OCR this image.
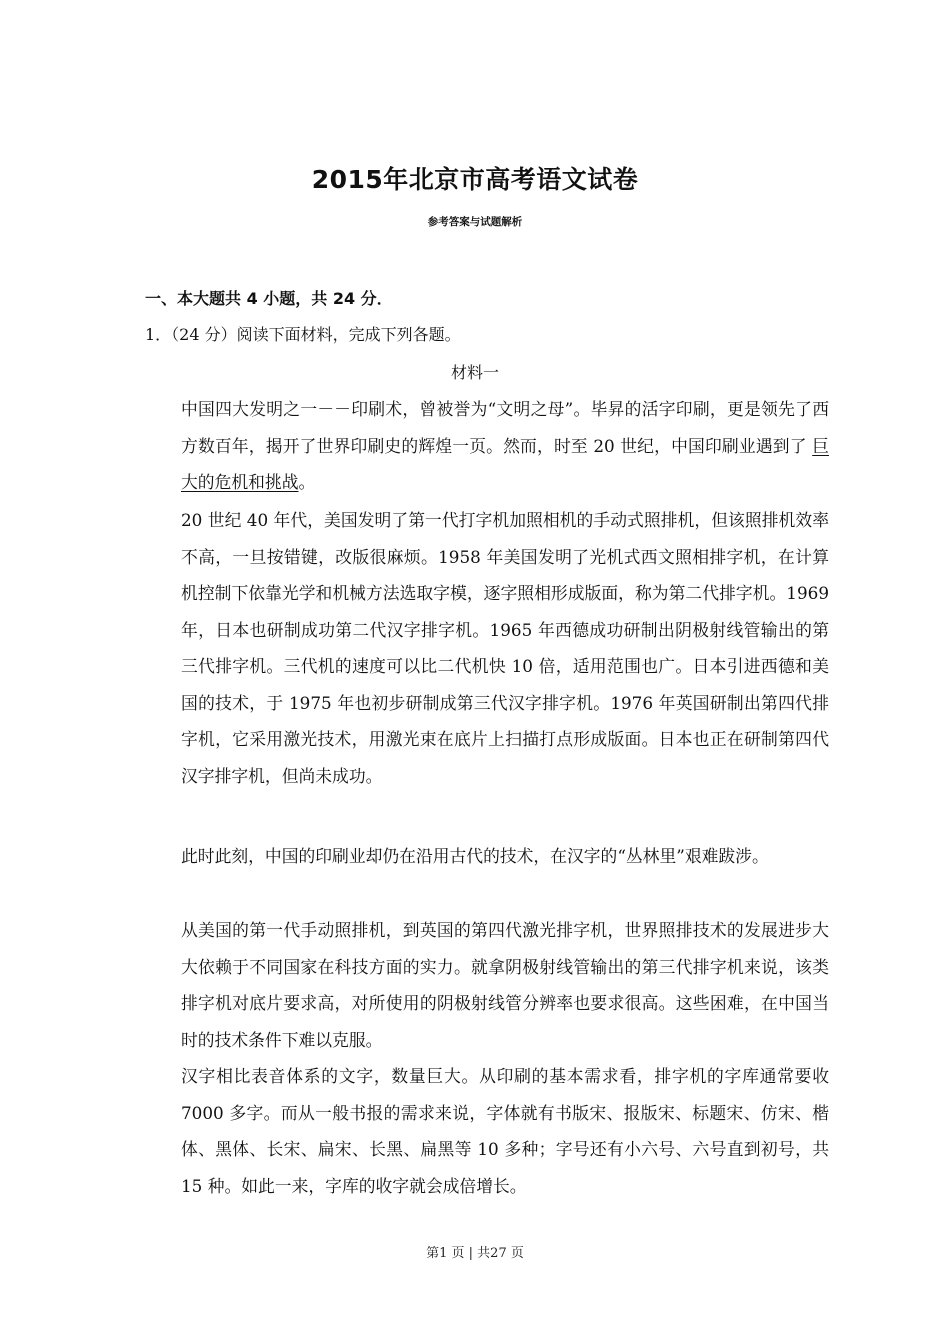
2015年北京市高考语文试卷
参考答案与试题解析
一、本大题共 4 小题，共 24 分．
1．（24 分）阅读下面材料，完成下列各题。
材料一

中国四大发明之一－－印刷术，曾被誉为“文明之母”。毕昇的活字印刷，更是领先了西方数百年，揭开了世界印刷史的辉煌一页。然而，时至 20 世纪，中国印刷业遇到了 巨大的危机和挑战。

20 世纪 40 年代，美国发明了第一代打字机加照相机的手动式照排机，但该照排机效率不高，一旦按错键，改版很麻烦。1958 年美国发明了光机式西文照相排字机，在计算机控制下依靠光学和机械方法选取字模，逐字照相形成版面，称为第二代排字机。1969 年，日本也研制成功第二代汉字排字机。1965 年西德成功研制出阴极射线管输出的第三代排字机。三代机的速度可以比二代机快 10 倍，适用范围也广。日本引进西德和美国的技术，于 1975 年也初步研制成第三代汉字排字机。1976 年英国研制出第四代排字机，它采用激光技术，用激光束在底片上扫描打点形成版面。日本也正在研制第四代汉字排字机，但尚未成功。

此时此刻，中国的印刷业却仍在沿用古代的技术，在汉字的“丛林里”艰难跋涉。

从美国的第一代手动照排机，到英国的第四代激光排字机，世界照排技术的发展进步大大依赖于不同国家在科技方面的实力。就拿阴极射线管输出的第三代排字机来说，该类排字机对底片要求高，对所使用的阴极射线管分辨率也要求很高。这些困难，在中国当时的技术条件下难以克服。

汉字相比表音体系的文字，数量巨大。从印刷的基本需求看，排字机的字库通常要收 7000 多字。而从一般书报的需求来说，字体就有书版宋、报版宋、标题宋、仿宋、楷体、黑体、长宋、扁宋、长黑、扁黑等 10 多种；字号还有小六号、六号直到初号，共 15 种。如此一来，字库的收字就会成倍增长。

第1 页 | 共27 页
